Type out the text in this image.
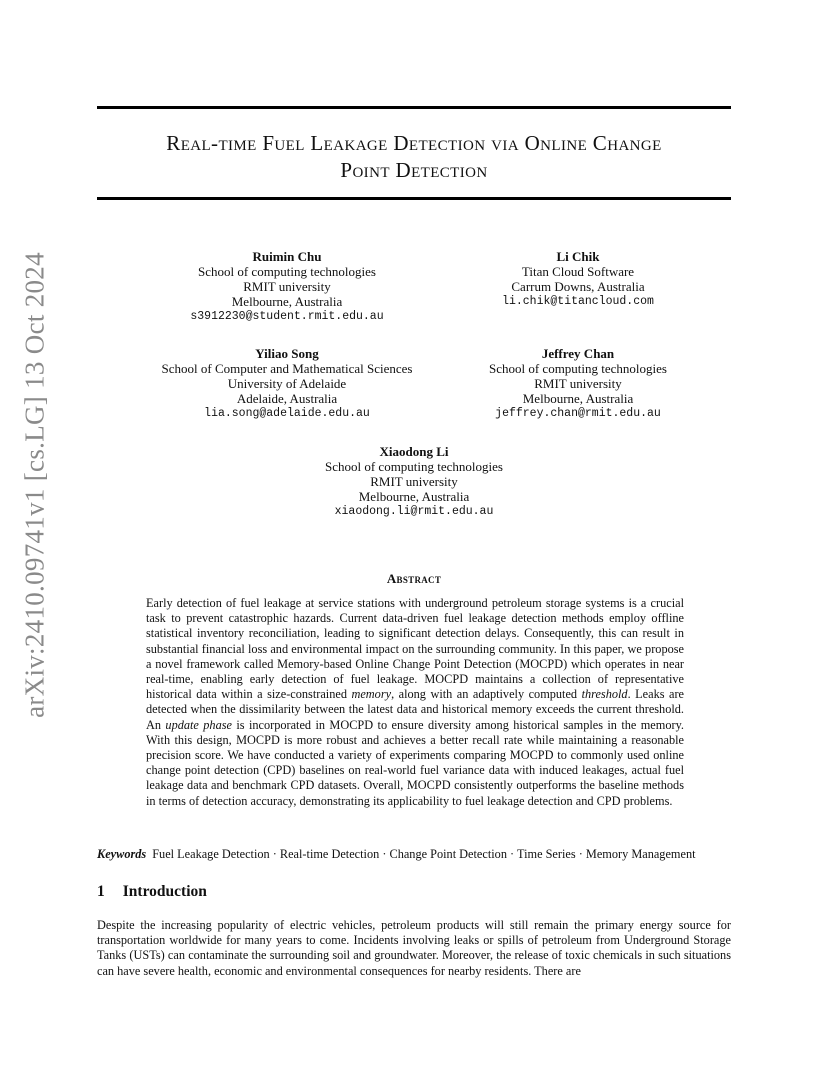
Real-time Fuel Leakage Detection via Online Change
Point Detection
arXiv:2410.09741v1 [cs.LG] 13 Oct 2024	Ruimin Chu
School of computing technologies
RMIT university
Melbourne, Australia
s3912230@student.rmit.edu.au
Li Chik
Titan Cloud Software
Carrum Downs, Australia
li.chik@titancloud.com
Yiliao Song
School of Computer and Mathematical Sciences
University of Adelaide
Adelaide, Australia
lia.song@adelaide.edu.au
Jeffrey Chan
School of computing technologies
RMIT university
Melbourne, Australia
jeffrey.chan@rmit.edu.au
Xiaodong Li
School of computing technologies
RMIT university
Melbourne, Australia
xiaodong.li@rmit.edu.au
Abstract
Early detection of fuel leakage at service stations with underground petroleum storage systems is a crucial task to prevent catastrophic hazards. Current data-driven fuel leakage detection methods employ offline statistical inventory reconciliation, leading to significant detection delays. Consequently, this can result in substantial financial loss and environmental impact on the surrounding community. In this paper, we propose a novel framework called Memory-based Online Change Point Detection (MOCPD) which operates in near real-time, enabling early detection of fuel leakage. MOCPD maintains a collection of representative historical data within a size-constrained memory, along with an adaptively computed threshold. Leaks are detected when the dissimilarity between the latest data and historical memory exceeds the current threshold. An update phase is incorporated in MOCPD to ensure diversity among historical samples in the memory. With this design, MOCPD is more robust and achieves a better recall rate while maintaining a reasonable precision score. We have conducted a variety of experiments comparing MOCPD to commonly used online change point detection (CPD) baselines on real-world fuel variance data with induced leakages, actual fuel leakage data and benchmark CPD datasets. Overall, MOCPD consistently outperforms the baseline methods in terms of detection accuracy, demonstrating its applicability to fuel leakage detection and CPD problems.
Keywords Fuel Leakage Detection · Real-time Detection · Change Point Detection · Time Series · Memory Management
1 Introduction
Despite the increasing popularity of electric vehicles, petroleum products will still remain the primary energy source for transportation worldwide for many years to come. Incidents involving leaks or spills of petroleum from Underground Storage Tanks (USTs) can contaminate the surrounding soil and groundwater. Moreover, the release of toxic chemicals in such situations can have severe health, economic and environmental consequences for nearby residents. There are
